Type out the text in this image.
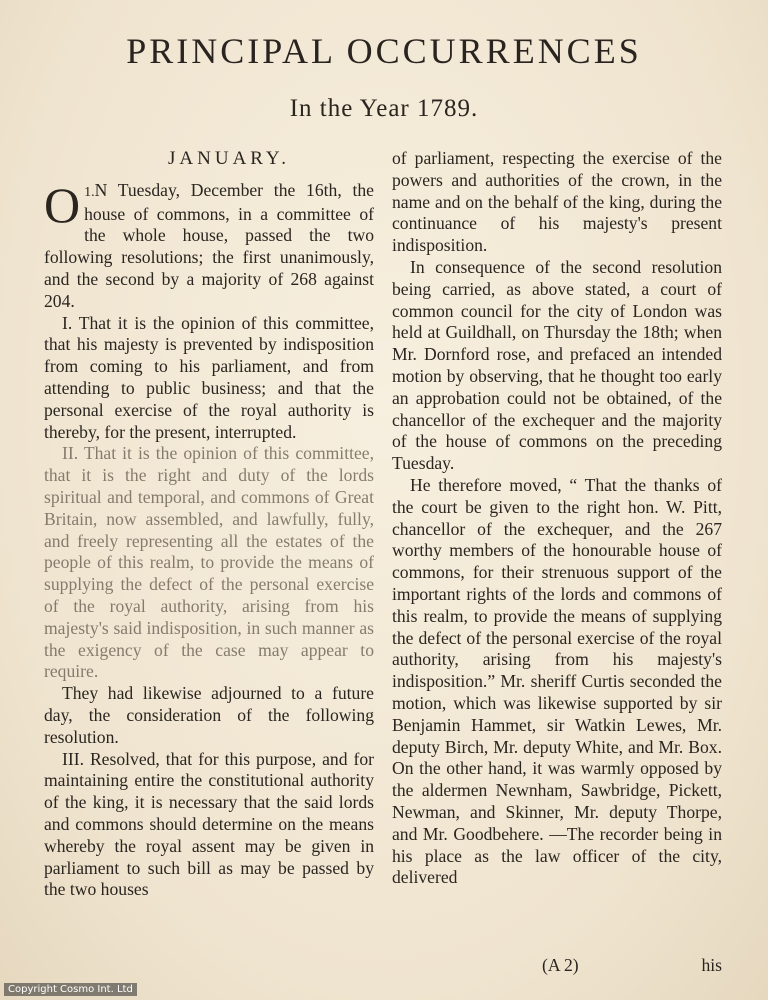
PRINCIPAL OCCURRENCES
In the Year 1789.
JANUARY.

1.
O N Tuesday, December the 16th, the house of commons, in a committee of the whole house, passed the two following resolutions; the first unanimously, and the second by a majority of 268 against 204.

I. That it is the opinion of this committee, that his majesty is prevented by indisposition from coming to his parliament, and from attending to public business; and that the personal exercise of the royal authority is thereby, for the present, interrupted.

II. That it is the opinion of this committee, that it is the right and duty of the lords spiritual and temporal, and commons of Great Britain, now assembled, and lawfully, fully, and freely representing all the estates of the people of this realm, to provide the means of supplying the defect of the personal exercise of the royal authority, arising from his majesty's said indisposition, in such manner as the exigency of the case may appear to require.

They had likewise adjourned to a future day, the consideration of the following resolution.

III. Resolved, that for this purpose, and for maintaining entire the constitutional authority of the king, it is necessary that the said lords and commons should determine on the means whereby the royal assent may be given in parliament to such bill as may be passed by the two houses

of parliament, respecting the exercise of the powers and authorities of the crown, in the name and on the behalf of the king, during the continuance of his majesty's present indisposition.

In consequence of the second resolution being carried, as above stated, a court of common council for the city of London was held at Guildhall, on Thursday the 18th; when Mr. Dornford rose, and prefaced an intended motion by observing, that he thought too early an approbation could not be obtained, of the chancellor of the exchequer and the majority of the house of commons on the preceding Tuesday.

He therefore moved, “ That the thanks of the court be given to the right hon. W. Pitt, chancellor of the exchequer, and the 267 worthy members of the honourable house of commons, for their strenuous support of the important rights of the lords and commons of this realm, to provide the means of supplying the defect of the personal exercise of the royal authority, arising from his majesty's indisposition.” Mr. sheriff Curtis seconded the motion, which was likewise supported by sir Benjamin Hammet, sir Watkin Lewes, Mr. deputy Birch, Mr. deputy White, and Mr. Box. On the other hand, it was warmly opposed by the aldermen Newnham, Sawbridge, Pickett, Newman, and Skinner, Mr. deputy Thorpe, and Mr. Goodbehere. —The recorder being in his place as the law officer of the city, delivered

(A 2)	his
Copyright Cosmo Int. Ltd
